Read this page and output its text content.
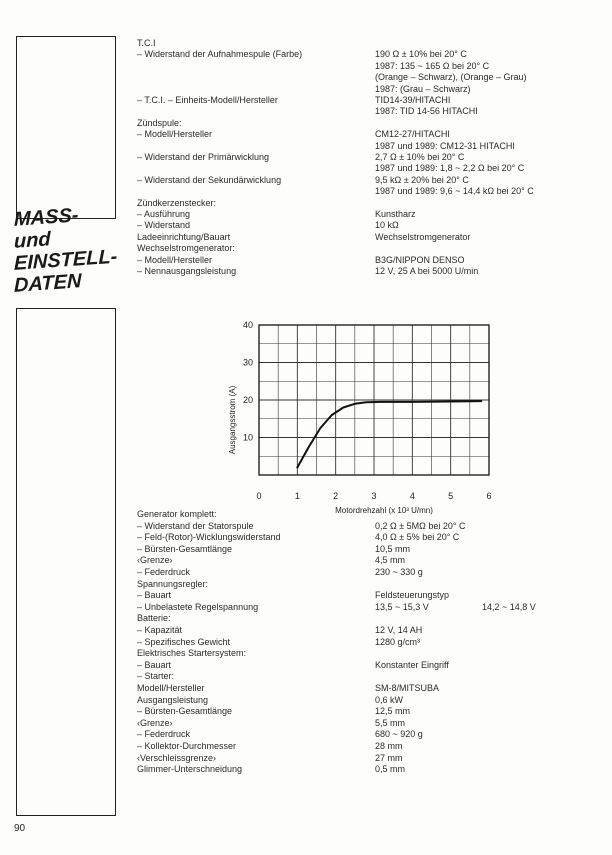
MASS-
und
EINSTELL-
DATEN
T.C.I
– Widerstand der Aufnahmespule (Farbe)	190 Ω ± 10% bei 20° C
1987: 135 ~ 165 Ω bei 20° C
(Orange – Schwarz), (Orange – Grau)
1987: (Grau – Schwarz)
– T.C.I. – Einheits-Modell/Hersteller	TID14-39/HITACHI
1987: TID 14-56 HITACHI
Zündspule:
– Modell/Hersteller	CM12-27/HITACHI
1987 und 1989: CM12-31 HITACHI
– Widerstand der Primärwicklung	2,7 Ω ± 10% bei 20° C
1987 und 1989: 1,8 ~ 2,2 Ω bei 20° C
– Widerstand der Sekundärwicklung	9,5 kΩ ± 20% bei 20° C
1987 und 1989: 9,6 ~ 14,4 kΩ bei 20° C
Zündkerzenstecker:
– Ausführung	Kunstharz
– Widerstand	10 kΩ
Ladeeinrichtung/Bauart	Wechselstromgenerator
Wechselstromgenerator:
– Modell/Hersteller	B3G/NIPPON DENSO
– Nennausgangsleistung	12 V, 25 A bei 5000 U/min
10
20
30
40
0	1	2	3	4	5	6
Motordrehzahl (x 10³ U/mn)
Ausgangsstrom (A)
Generator komplett:
– Widerstand der Statorspule	0,2 Ω ± 5MΩ bei 20° C
– Feld-(Rotor)-Wicklungswiderstand	4,0 Ω ± 5% bei 20° C
– Bürsten-Gesamtlänge	10,5 mm
‹Grenze›	4,5 mm
– Federdruck	230 ~ 330 g
Spannungsregler:
– Bauart	Feldsteuerungstyp
– Unbelastete Regelspannung	13,5 ~ 15,3 V	14,2 ~ 14,8 V
Batterie:
– Kapazität	12 V, 14 AH
– Spezifisches Gewicht	1280 g/cm³
Elektrisches Startersystem:
– Bauart	Konstanter Eingriff
– Starter:
Modell/Hersteller	SM-8/MITSUBA
Ausgangsleistung	0,6 kW
– Bürsten-Gesamtlänge	12,5 mm
‹Grenze›	5,5 mm
– Federdruck	680 ~ 920 g
– Kollektor-Durchmesser	28 mm
‹Verschleissgrenze›	27 mm
Glimmer-Unterschneidung	0,5 mm
90
